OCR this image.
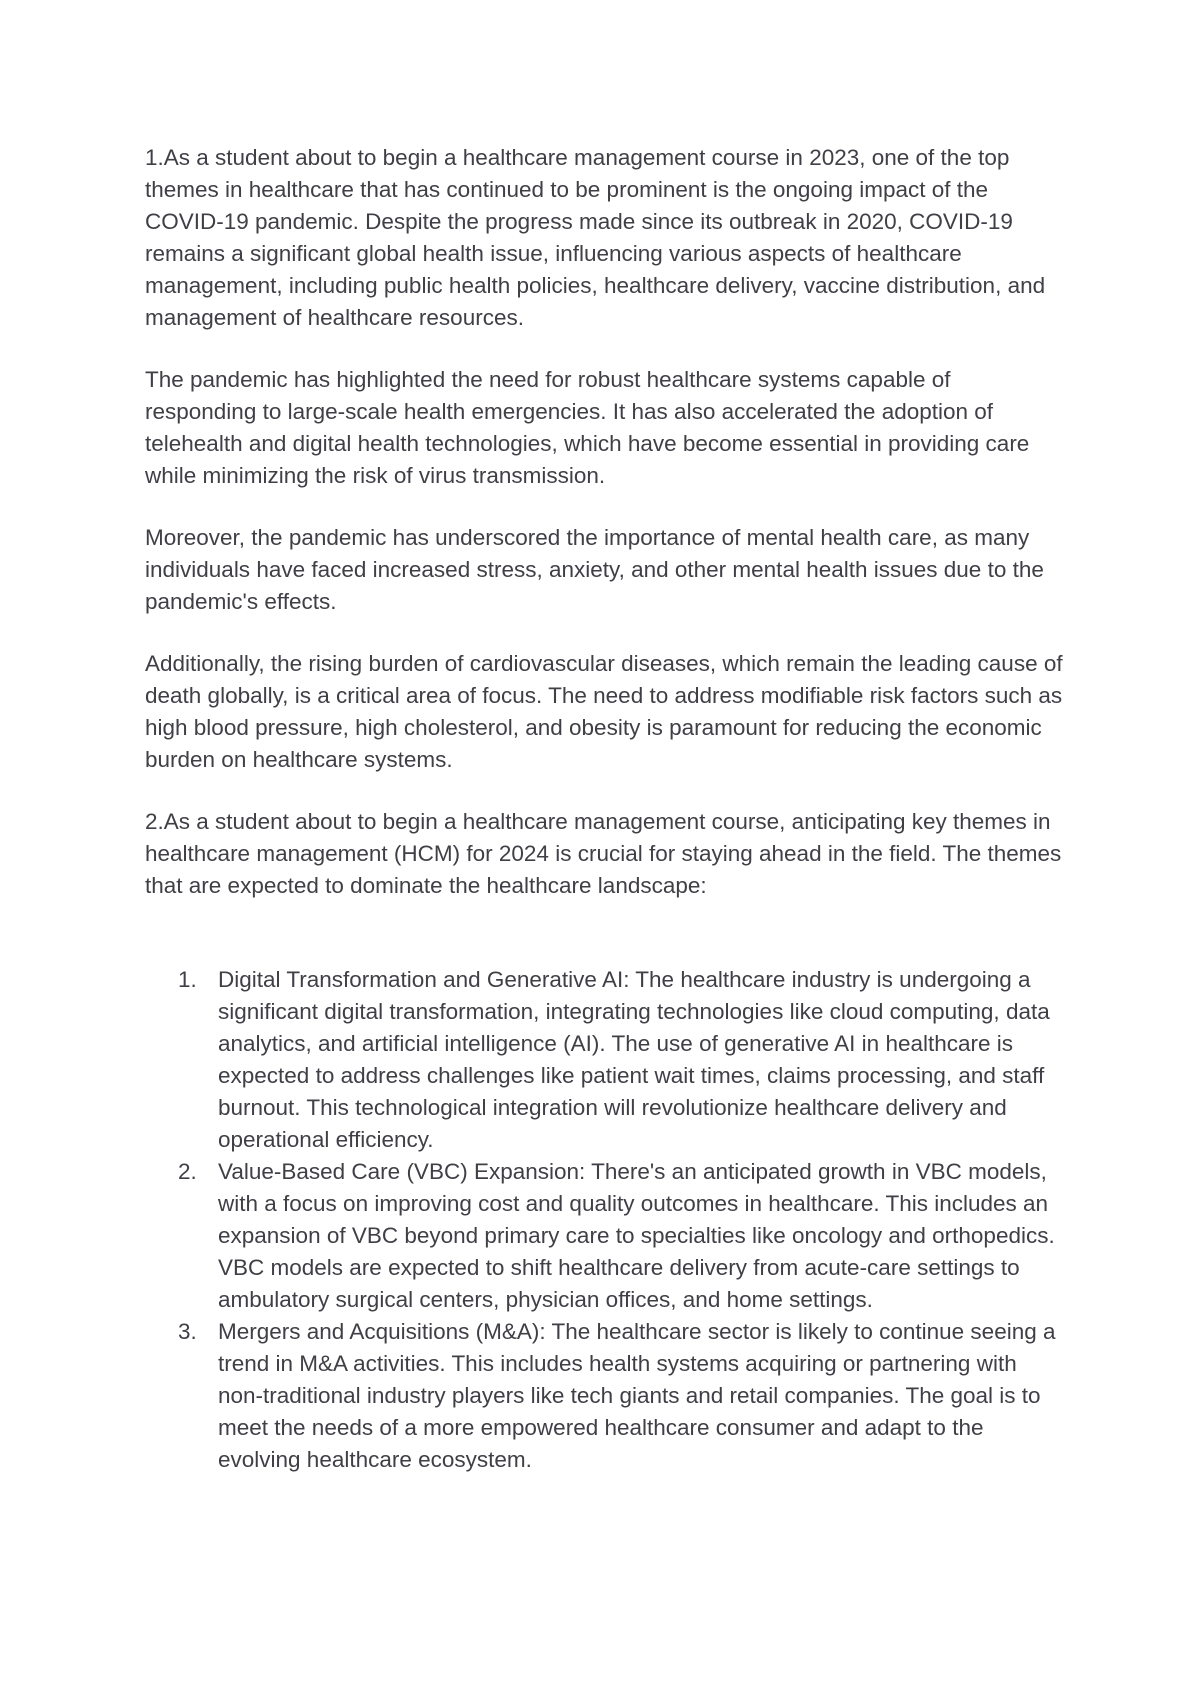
1.As a student about to begin a healthcare management course in 2023, one of the top themes in healthcare that has continued to be prominent is the ongoing impact of the COVID-19 pandemic. Despite the progress made since its outbreak in 2020, COVID-19 remains a significant global health issue, influencing various aspects of healthcare management, including public health policies, healthcare delivery, vaccine distribution, and management of healthcare resources.

The pandemic has highlighted the need for robust healthcare systems capable of responding to large-scale health emergencies. It has also accelerated the adoption of telehealth and digital health technologies, which have become essential in providing care while minimizing the risk of virus transmission.

Moreover, the pandemic has underscored the importance of mental health care, as many individuals have faced increased stress, anxiety, and other mental health issues due to the pandemic's effects.

Additionally, the rising burden of cardiovascular diseases, which remain the leading cause of death globally, is a critical area of focus. The need to address modifiable risk factors such as high blood pressure, high cholesterol, and obesity is paramount for reducing the economic burden on healthcare systems.

2.As a student about to begin a healthcare management course, anticipating key themes in healthcare management (HCM) for 2024 is crucial for staying ahead in the field. The themes that are expected to dominate the healthcare landscape:

1. Digital Transformation and Generative AI: The healthcare industry is undergoing a significant digital transformation, integrating technologies like cloud computing, data analytics, and artificial intelligence (AI). The use of generative AI in healthcare is expected to address challenges like patient wait times, claims processing, and staff burnout. This technological integration will revolutionize healthcare delivery and operational efficiency.
2. Value-Based Care (VBC) Expansion: There's an anticipated growth in VBC models, with a focus on improving cost and quality outcomes in healthcare. This includes an expansion of VBC beyond primary care to specialties like oncology and orthopedics. VBC models are expected to shift healthcare delivery from acute-care settings to ambulatory surgical centers, physician offices, and home settings.
3. Mergers and Acquisitions (M&A): The healthcare sector is likely to continue seeing a trend in M&A activities. This includes health systems acquiring or partnering with non-traditional industry players like tech giants and retail companies. The goal is to meet the needs of a more empowered healthcare consumer and adapt to the evolving healthcare ecosystem.
